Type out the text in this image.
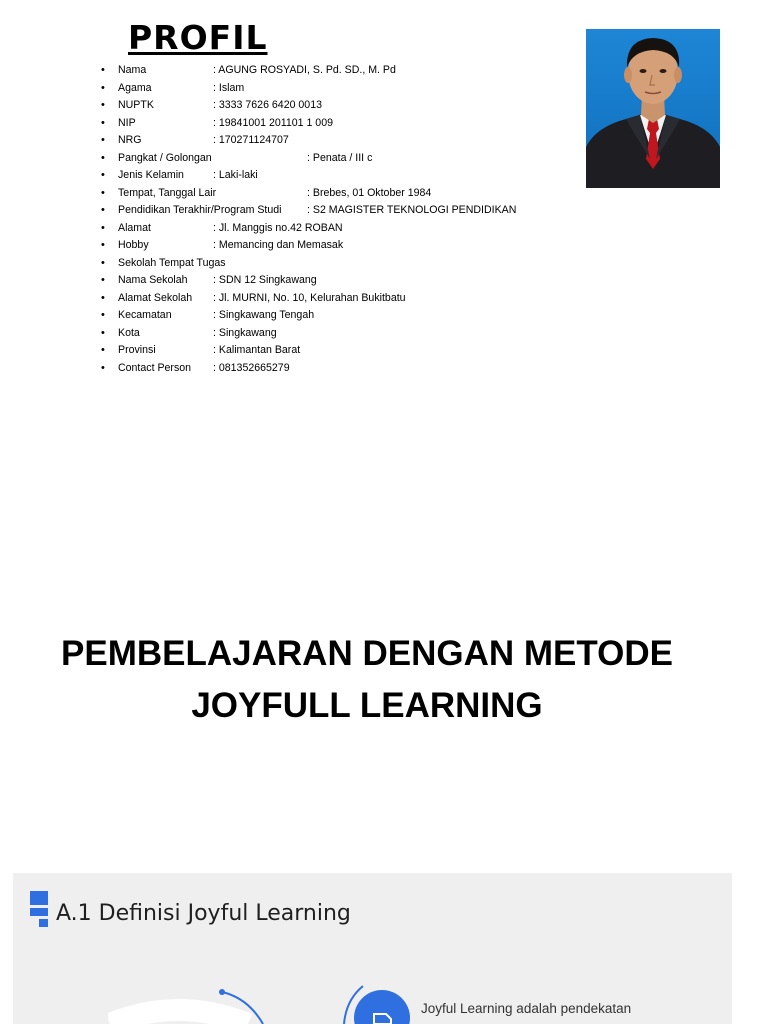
PROFIL
• Nama	: AGUNG ROSYADI, S. Pd. SD., M. Pd
• Agama	: Islam
• NUPTK	: 3333 7626 6420 0013
• NIP	: 19841001 201101 1 009
• NRG	: 170271124707
• Pangkat / Golongan	: Penata / III c
• Jenis Kelamin	: Laki-laki
• Tempat, Tanggal Lair	: Brebes, 01 Oktober 1984
• Pendidikan Terakhir/Program Studi : S2 MAGISTER TEKNOLOGI PENDIDIKAN
• Alamat	: Jl. Manggis no.42 ROBAN
• Hobby	: Memancing dan Memasak
• Sekolah Tempat Tugas
• Nama Sekolah : SDN 12 Singkawang
• Alamat Sekolah : Jl. MURNI, No. 10, Kelurahan Bukitbatu
• Kecamatan	: Singkawang Tengah
• Kota	: Singkawang
• Provinsi	: Kalimantan Barat
• Contact Person : 081352665279
PEMBELAJARAN DENGAN METODE
JOYFULL LEARNING
A.1 Definisi Joyful Learning
Joyful Learning adalah pendekatan
